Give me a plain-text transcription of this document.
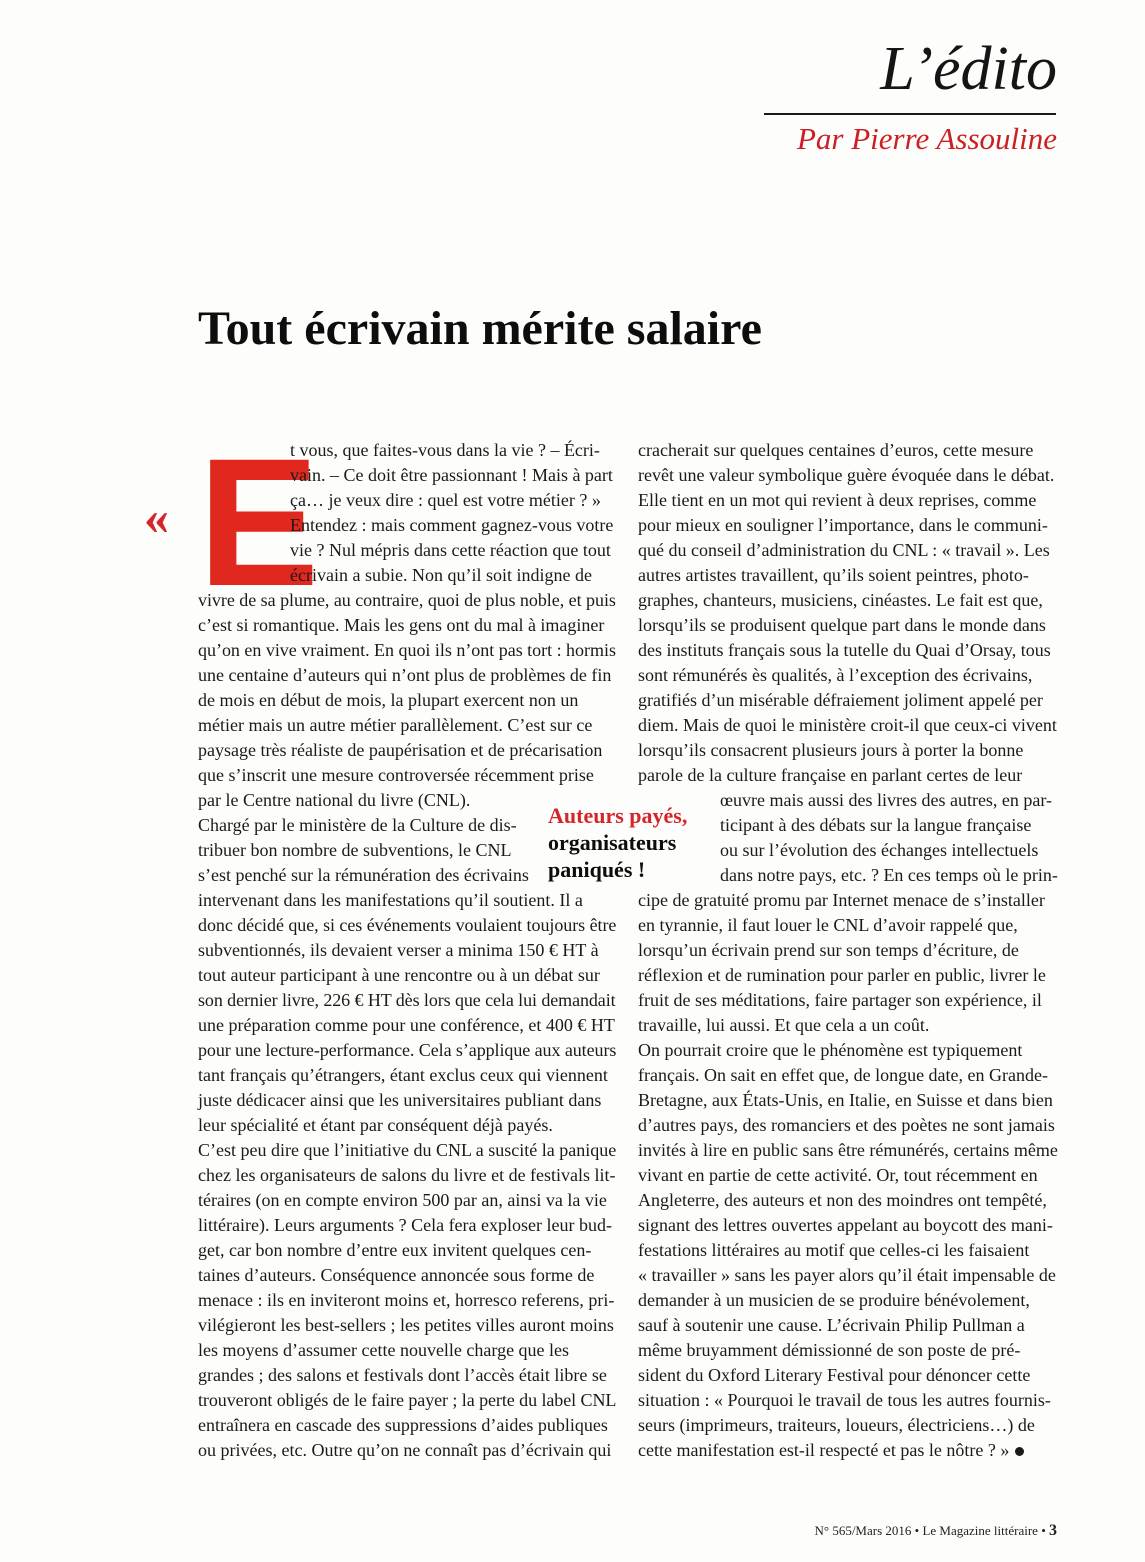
L’édito
Par Pierre Assouline
Tout écrivain mérite salaire
« E
t vous, que faites-vous dans la vie ? – Écri-
vain. – Ce doit être passionnant ! Mais à part
ça… je veux dire : quel est votre métier ? »
Entendez : mais comment gagnez-vous votre
vie ? Nul mépris dans cette réaction que tout
écrivain a subie. Non qu’il soit indigne de
vivre de sa plume, au contraire, quoi de plus noble, et puis
c’est si romantique. Mais les gens ont du mal à imaginer
qu’on en vive vraiment. En quoi ils n’ont pas tort : hormis
une centaine d’auteurs qui n’ont plus de problèmes de fin
de mois en début de mois, la plupart exercent non un
métier mais un autre métier parallèlement. C’est sur ce
paysage très réaliste de paupérisation et de précarisation
que s’inscrit une mesure controversée récemment prise
par le Centre national du livre (CNL).
Chargé par le ministère de la Culture de dis-
tribuer bon nombre de subventions, le CNL
s’est penché sur la rémunération des écrivains
intervenant dans les manifestations qu’il soutient. Il a
donc décidé que, si ces événements voulaient toujours être
subventionnés, ils devaient verser a minima 150 € HT à
tout auteur participant à une rencontre ou à un débat sur
son dernier livre, 226 € HT dès lors que cela lui demandait
une préparation comme pour une conférence, et 400 € HT
pour une lecture-performance. Cela s’applique aux auteurs
tant français qu’étrangers, étant exclus ceux qui viennent
juste dédicacer ainsi que les universitaires publiant dans
leur spécialité et étant par conséquent déjà payés.
C’est peu dire que l’initiative du CNL a suscité la panique
chez les organisateurs de salons du livre et de festivals lit-
téraires (on en compte environ 500 par an, ainsi va la vie
littéraire). Leurs arguments ? Cela fera exploser leur bud-
get, car bon nombre d’entre eux invitent quelques cen-
taines d’auteurs. Conséquence annoncée sous forme de
menace : ils en inviteront moins et, horresco referens, pri-
vilégieront les best-sellers ; les petites villes auront moins
les moyens d’assumer cette nouvelle charge que les
grandes ; des salons et festivals dont l’accès était libre se
trouveront obligés de le faire payer ; la perte du label CNL
entraînera en cascade des suppressions d’aides publiques
ou privées, etc. Outre qu’on ne connaît pas d’écrivain qui
cracherait sur quelques centaines d’euros, cette mesure
revêt une valeur symbolique guère évoquée dans le débat.
Elle tient en un mot qui revient à deux reprises, comme
pour mieux en souligner l’importance, dans le communi-
qué du conseil d’administration du CNL : « travail ». Les
autres artistes travaillent, qu’ils soient peintres, photo-
graphes, chanteurs, musiciens, cinéastes. Le fait est que,
lorsqu’ils se produisent quelque part dans le monde dans
des instituts français sous la tutelle du Quai d’Orsay, tous
sont rémunérés ès qualités, à l’exception des écrivains,
gratifiés d’un misérable défraiement joliment appelé per
diem. Mais de quoi le ministère croit-il que ceux-ci vivent
lorsqu’ils consacrent plusieurs jours à porter la bonne
parole de la culture française en parlant certes de leur
œuvre mais aussi des livres des autres, en par-
ticipant à des débats sur la langue française
ou sur l’évolution des échanges intellectuels
dans notre pays, etc. ? En ces temps où le prin-
cipe de gratuité promu par Internet menace de s’installer
en tyrannie, il faut louer le CNL d’avoir rappelé que,
lorsqu’un écrivain prend sur son temps d’écriture, de
réflexion et de rumination pour parler en public, livrer le
fruit de ses méditations, faire partager son expérience, il
travaille, lui aussi. Et que cela a un coût.
On pourrait croire que le phénomène est typiquement
français. On sait en effet que, de longue date, en Grande-
Bretagne, aux États-Unis, en Italie, en Suisse et dans bien
d’autres pays, des romanciers et des poètes ne sont jamais
invités à lire en public sans être rémunérés, certains même
vivant en partie de cette activité. Or, tout récemment en
Angleterre, des auteurs et non des moindres ont tempêté,
signant des lettres ouvertes appelant au boycott des mani-
festations littéraires au motif que celles-ci les faisaient
« travailler » sans les payer alors qu’il était impensable de
demander à un musicien de se produire bénévolement,
sauf à soutenir une cause. L’écrivain Philip Pullman a
même bruyamment démissionné de son poste de pré-
sident du Oxford Literary Festival pour dénoncer cette
situation : « Pourquoi le travail de tous les autres fournis-
seurs (imprimeurs, traiteurs, loueurs, électriciens…) de
cette manifestation est-il respecté et pas le nôtre ? »
Auteurs payés,
organisateurs
paniqués !
N° 565/Mars 2016 • Le Magazine littéraire • 3
